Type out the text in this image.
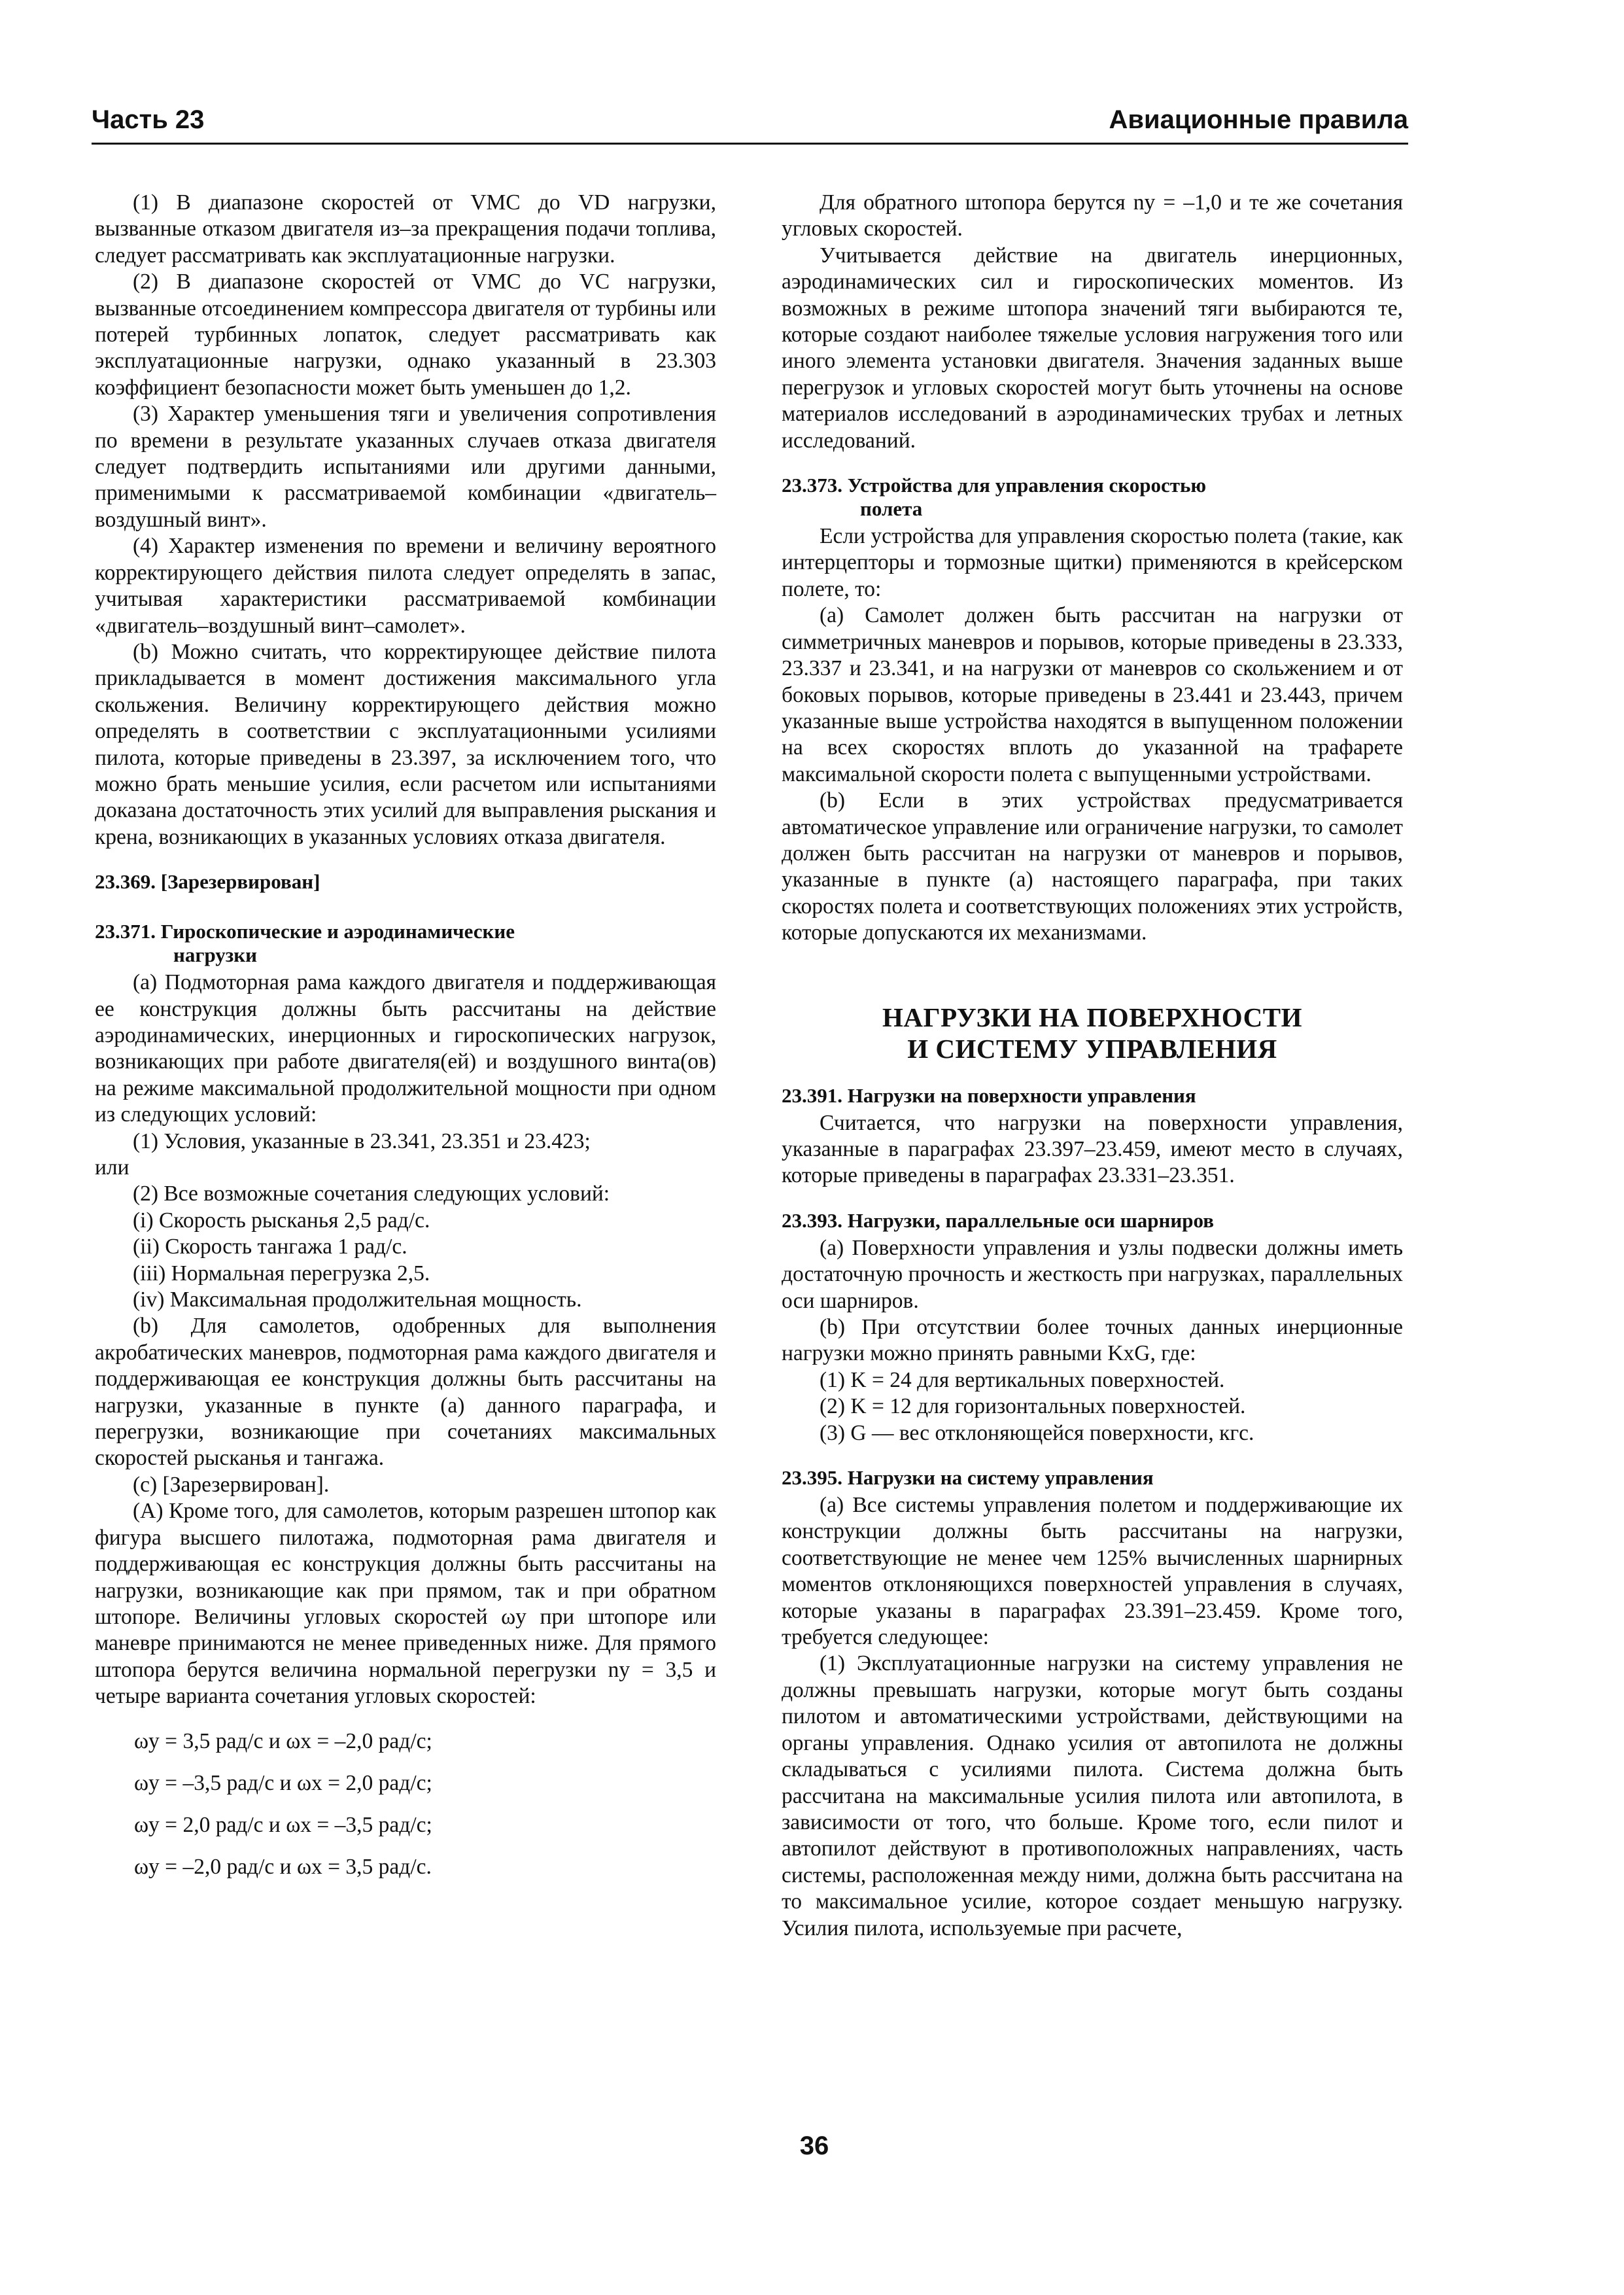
Часть 23	Авиационные правила

(1) В диапазоне скоростей от VMC до VD нагрузки, вызванные отказом двигателя из–за прекращения подачи топлива, следует рассматривать как эксплуатационные нагрузки.

(2) В диапазоне скоростей от VMC до VC нагрузки, вызванные отсоединением компрессора двигателя от турбины или потерей турбинных лопаток, следует рассматривать как эксплуатационные нагрузки, однако указанный в 23.303 коэффициент безопасности может быть уменьшен до 1,2.

(3) Характер уменьшения тяги и увеличения сопротивления по времени в результате указанных случаев отказа двигателя следует подтвердить испытаниями или другими данными, применимыми к рассматриваемой комбинации «двигатель–воздушный винт».

(4) Характер изменения по времени и величину вероятного корректирующего действия пилота следует определять в запас, учитывая характеристики рассматриваемой комбинации «двигатель–воздушный винт–самолет».

(b) Можно считать, что корректирующее действие пилота прикладывается в момент достижения максимального угла скольжения. Величину корректирующего действия можно определять в соответствии с эксплуатационными усилиями пилота, которые приведены в 23.397, за исключением того, что можно брать меньшие усилия, если расчетом или испытаниями доказана достаточность этих усилий для выправления рыскания и крена, возникающих в указанных условиях отказа двигателя.

23.369. [Зарезервирован]
23.371. Гироскопические и аэродинамические
нагрузки

(а) Подмоторная рама каждого двигателя и поддерживающая ее конструкция должны быть рассчитаны на действие аэродинамических, инерционных и гироскопических нагрузок, возникающих при работе двигателя(ей) и воздушного винта(ов) на режиме максимальной продолжительной мощности при одном из следующих условий:

(1) Условия, указанные в 23.341, 23.351 и 23.423;

или

(2) Все возможные сочетания следующих условий:

(i) Скорость рысканья 2,5 рад/с.

(ii) Скорость тангажа 1 рад/с.

(iii) Нормальная перегрузка 2,5.

(iv) Максимальная продолжительная мощность.

(b) Для самолетов, одобренных для выполнения акробатических маневров, подмоторная рама каждого двигателя и поддерживающая ее конструкция должны быть рассчитаны на нагрузки, указанные в пункте (а) данного параграфа, и перегрузки, возникающие при сочетаниях максимальных скоростей рысканья и тангажа.

(с) [Зарезервирован].

(А) Кроме того, для самолетов, которым разрешен штопор как фигура высшего пилотажа, подмоторная рама двигателя и поддерживающая ес конструкция должны быть рассчитаны на нагрузки, возникающие как при прямом, так и при обратном штопоре. Величины угловых скоростей ωy при штопоре или маневре принимаются не менее приведенных ниже. Для прямого штопора берутся величина нормальной перегрузки ny = 3,5 и четыре варианта сочетания угловых скоростей:

ωy = 3,5 рад/с и ωx = –2,0 рад/с;

ωy = –3,5 рад/с и ωx = 2,0 рад/с;

ωy = 2,0 рад/с и ωx = –3,5 рад/с;

ωy = –2,0 рад/с и ωx = 3,5 рад/с.

Для обратного штопора берутся ny = –1,0 и те же сочетания угловых скоростей.

Учитывается действие на двигатель инерционных, аэродинамических сил и гироскопических моментов. Из возможных в режиме штопора значений тяги выбираются те, которые создают наиболее тяжелые условия нагружения того или иного элемента установки двигателя. Значения заданных выше перегрузок и угловых скоростей могут быть уточнены на основе материалов исследований в аэродинамических трубах и летных исследований.

23.373. Устройства для управления скоростью
полета

Если устройства для управления скоростью полета (такие, как интерцепторы и тормозные щитки) применяются в крейсерском полете, то:

(а) Самолет должен быть рассчитан на нагрузки от симметричных маневров и порывов, которые приведены в 23.333, 23.337 и 23.341, и на нагрузки от маневров со скольжением и от боковых порывов, которые приведены в 23.441 и 23.443, причем указанные выше устройства находятся в выпущенном положении на всех скоростях вплоть до указанной на трафарете максимальной скорости полета с выпущенными устройствами.

(b) Если в этих устройствах предусматривается автоматическое управление или ограничение нагрузки, то самолет должен быть рассчитан на нагрузки от маневров и порывов, указанные в пункте (а) настоящего параграфа, при таких скоростях полета и соответствующих положениях этих устройств, которые допускаются их механизмами.

НАГРУЗКИ НА ПОВЕРХНОСТИ
И СИСТЕМУ УПРАВЛЕНИЯ
23.391. Нагрузки на поверхности управления

Считается, что нагрузки на поверхности управления, указанные в параграфах 23.397–23.459, имеют место в случаях, которые приведены в параграфах 23.331–23.351.

23.393. Нагрузки, параллельные оси шарниров

(а) Поверхности управления и узлы подвески должны иметь достаточную прочность и жесткость при нагрузках, параллельных оси шарниров.

(b) При отсутствии более точных данных инерционные нагрузки можно принять равными KxG, где:

(1) K = 24 для вертикальных поверхностей.

(2) K = 12 для горизонтальных поверхностей.

(3) G — вес отклоняющейся поверхности, кгс.

23.395. Нагрузки на систему управления

(а) Все системы управления полетом и поддерживающие их конструкции должны быть рассчитаны на нагрузки, соответствующие не менее чем 125% вычисленных шарнирных моментов отклоняющихся поверхностей управления в случаях, которые указаны в параграфах 23.391–23.459. Кроме того, требуется следующее:

(1) Эксплуатационные нагрузки на систему управления не должны превышать нагрузки, которые могут быть созданы пилотом и автоматическими устройствами, действующими на органы управления. Однако усилия от автопилота не должны складываться с усилиями пилота. Система должна быть рассчитана на максимальные усилия пилота или автопилота, в зависимости от того, что больше. Кроме того, если пилот и автопилот действуют в противоположных направлениях, часть системы, расположенная между ними, должна быть рассчитана на то максимальное усилие, которое создает меньшую нагрузку. Усилия пилота, используемые при расчете,

36
